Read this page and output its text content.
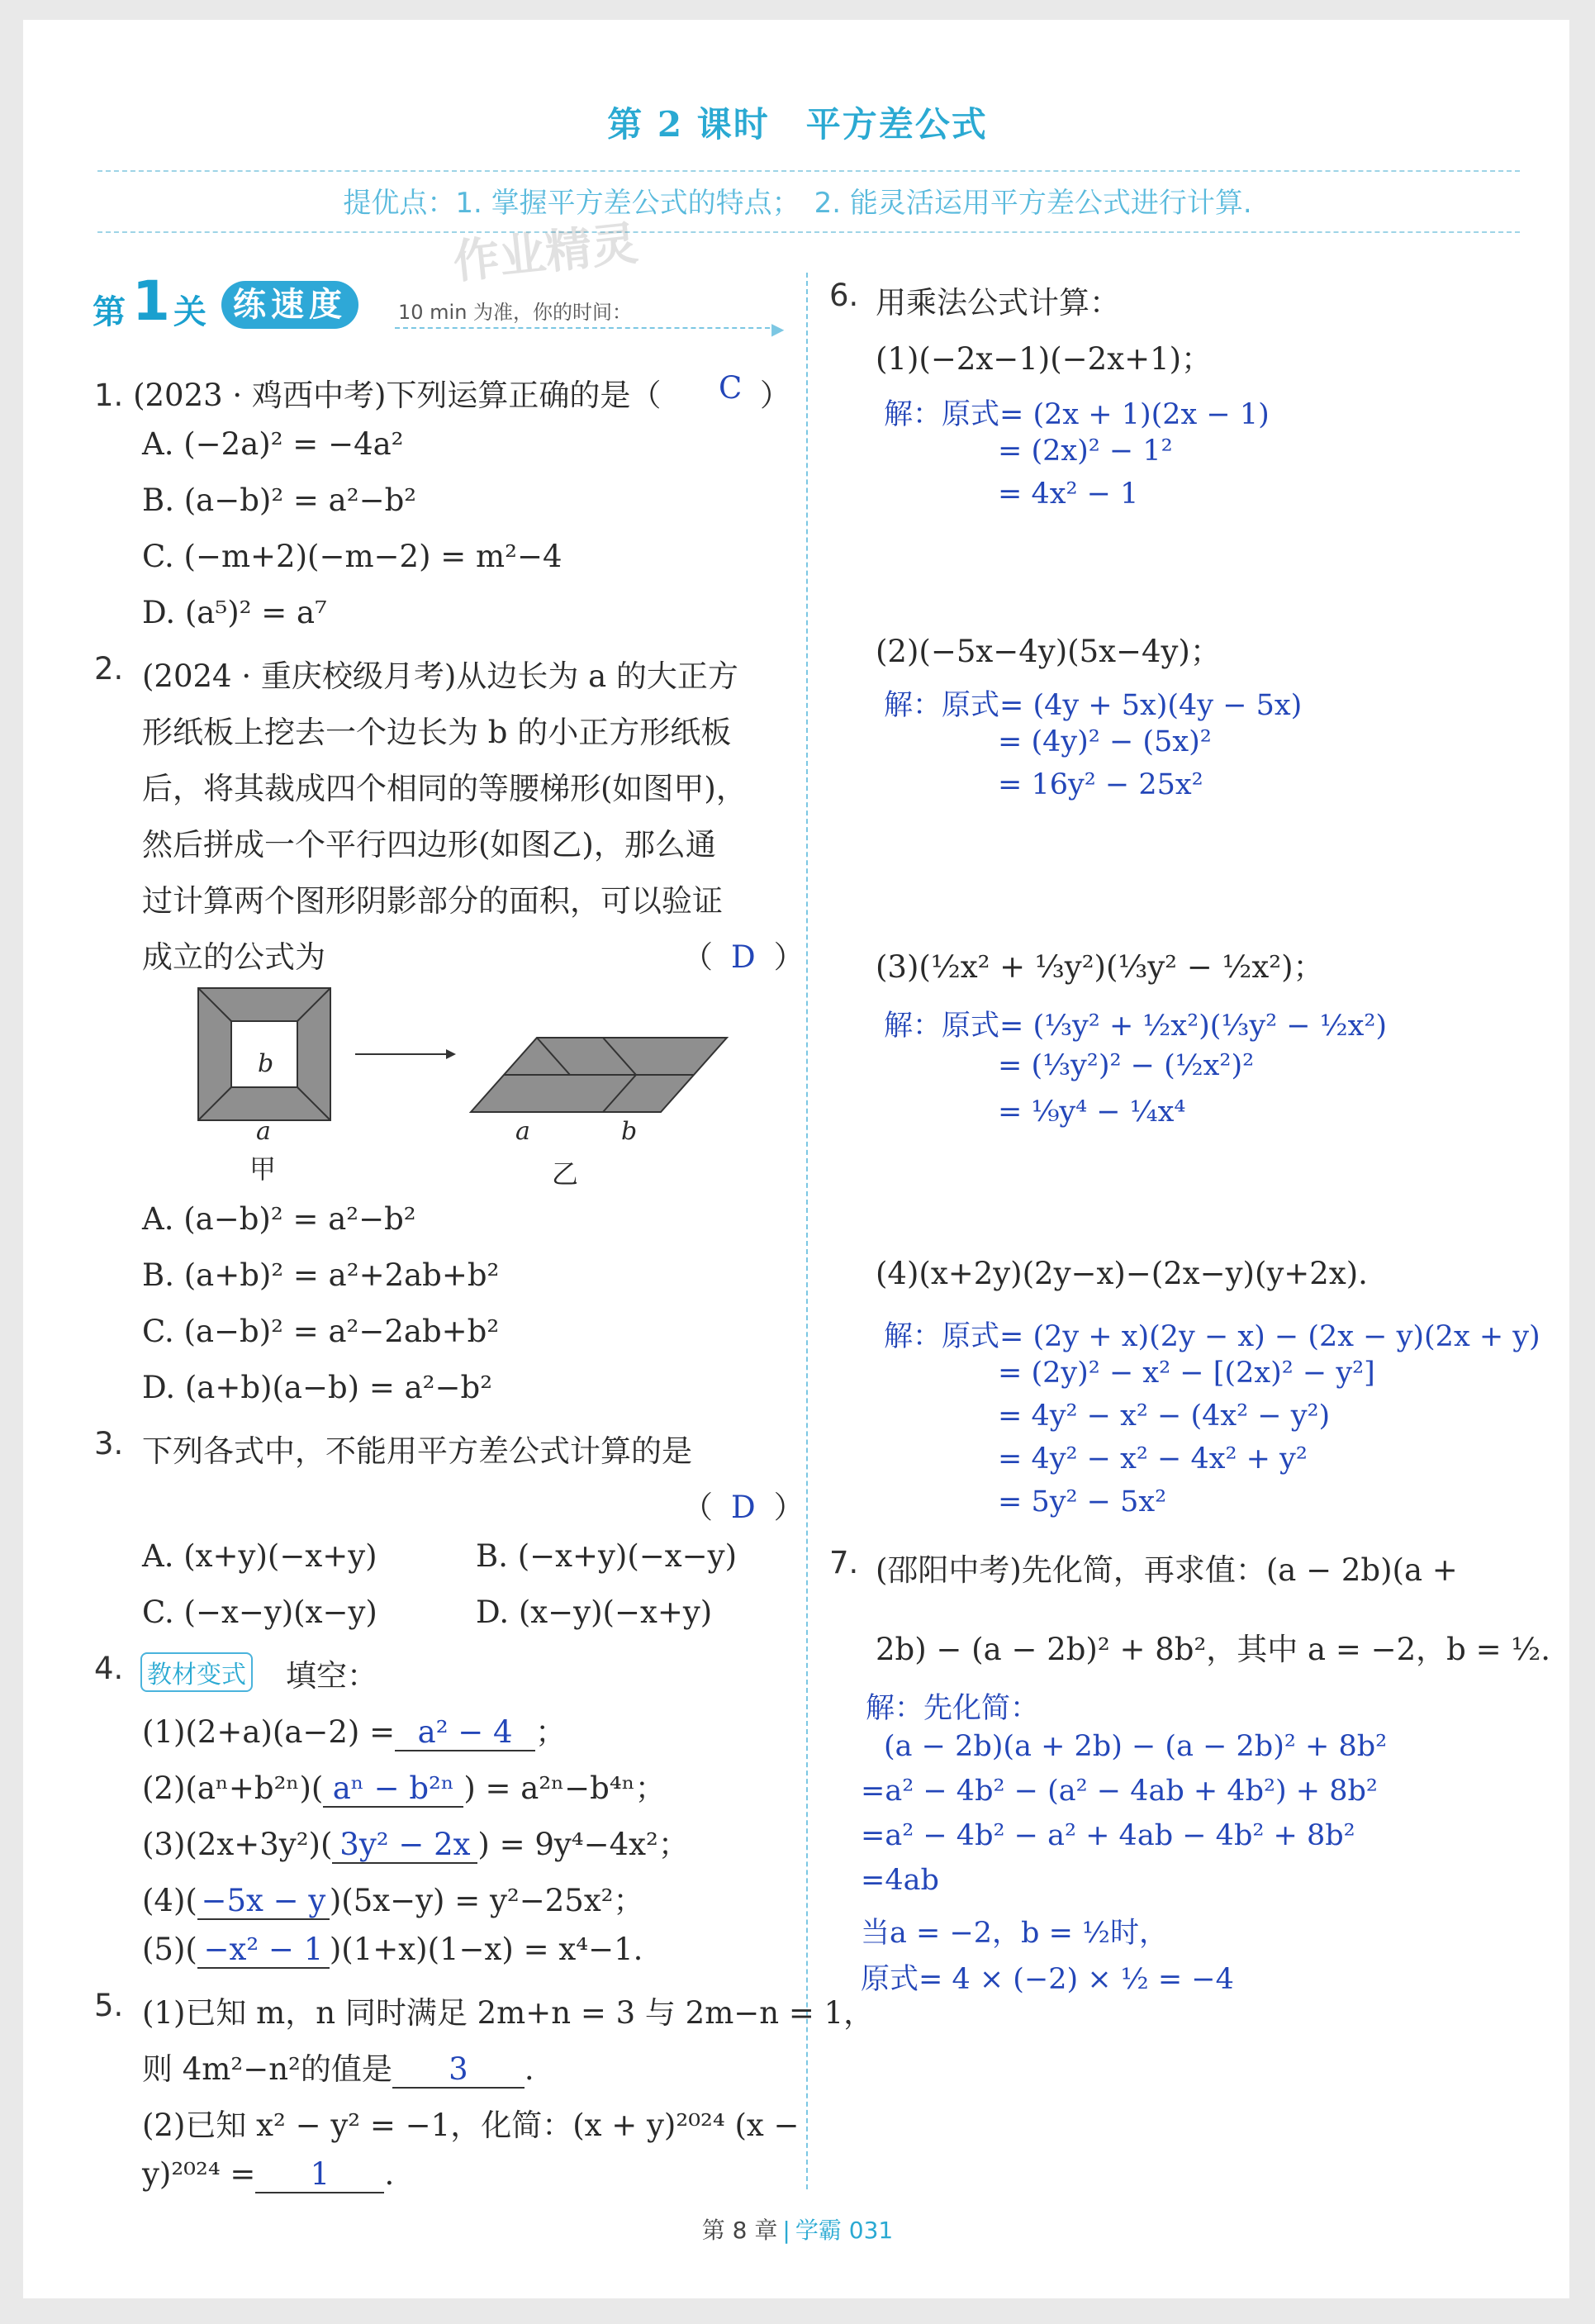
第 2 课时　平方差公式
提优点：1. 掌握平方差公式的特点；　2. 能灵活运用平方差公式进行计算.
作业精灵
第 1 关 练速度	10 min 为准，你的时间：
▶
1. (2023 · 鸡西中考)下列运算正确的是（ C ）
A. (−2a)² = −4a²
B. (a−b)² = a²−b²
C. (−m+2)(−m−2) = m²−4
D. (a⁵)² = a⁷
2. (2024 · 重庆校级月考)从边长为 a 的大正方
形纸板上挖去一个边长为 b 的小正方形纸板
后，将其裁成四个相同的等腰梯形(如图甲)，
然后拼成一个平行四边形(如图乙)，那么通
过计算两个图形阴影部分的面积，可以验证
成立的公式为	（ D ）
b
a
甲
a	b
乙
A. (a−b)² = a²−b²
B. (a+b)² = a²+2ab+b²
C. (a−b)² = a²−2ab+b²
D. (a+b)(a−b) = a²−b²
3. 下列各式中，不能用平方差公式计算的是
（ D ）
A. (x+y)(−x+y)	B. (−x+y)(−x−y)
C. (−x−y)(x−y)	D. (x−y)(−x+y)
4. 教材变式 填空：
(1)(2+a)(a−2) = a² − 4 ；
(2)(aⁿ+b²ⁿ)( aⁿ − b²ⁿ ) = a²ⁿ−b⁴ⁿ；
(3)(2x+3y²)( 3y² − 2x ) = 9y⁴−4x²；
(4)( −5x − y )(5x−y) = y²−25x²；
(5)( −x² − 1 )(1+x)(1−x) = x⁴−1.
5. (1)已知 m，n 同时满足 2m+n = 3 与 2m−n = 1，
则 4m²−n²的值是 3 .
(2)已知 x² − y² = −1，化简：(x + y)²⁰²⁴ (x −
y)²⁰²⁴ = 1 .
6. 用乘法公式计算：
(1)(−2x−1)(−2x+1)；
解：原式= (2x + 1)(2x − 1)
= (2x)² − 1²
= 4x² − 1
(2)(−5x−4y)(5x−4y)；
解：原式= (4y + 5x)(4y − 5x)
= (4y)² − (5x)²
= 16y² − 25x²
(3)(½x² + ⅓y²)(⅓y² − ½x²)；
解：原式= (⅓y² + ½x²)(⅓y² − ½x²)
= (⅓y²)² − (½x²)²
= ⅑y⁴ − ¼x⁴
(4)(x+2y)(2y−x)−(2x−y)(y+2x).
解：原式= (2y + x)(2y − x) − (2x − y)(2x + y)
= (2y)² − x² − [(2x)² − y²]
= 4y² − x² − (4x² − y²)
= 4y² − x² − 4x² + y²
= 5y² − 5x²
7. (邵阳中考)先化简，再求值：(a − 2b)(a +
2b) − (a − 2b)² + 8b²，其中 a = −2，b = ½.
解：先化简：
(a − 2b)(a + 2b) − (a − 2b)² + 8b²
=a² − 4b² − (a² − 4ab + 4b²) + 8b²
=a² − 4b² − a² + 4ab − 4b² + 8b²
=4ab
当a = −2，b = ½时，
原式= 4 × (−2) × ½ = −4
第 8 章 | 学霸 031
